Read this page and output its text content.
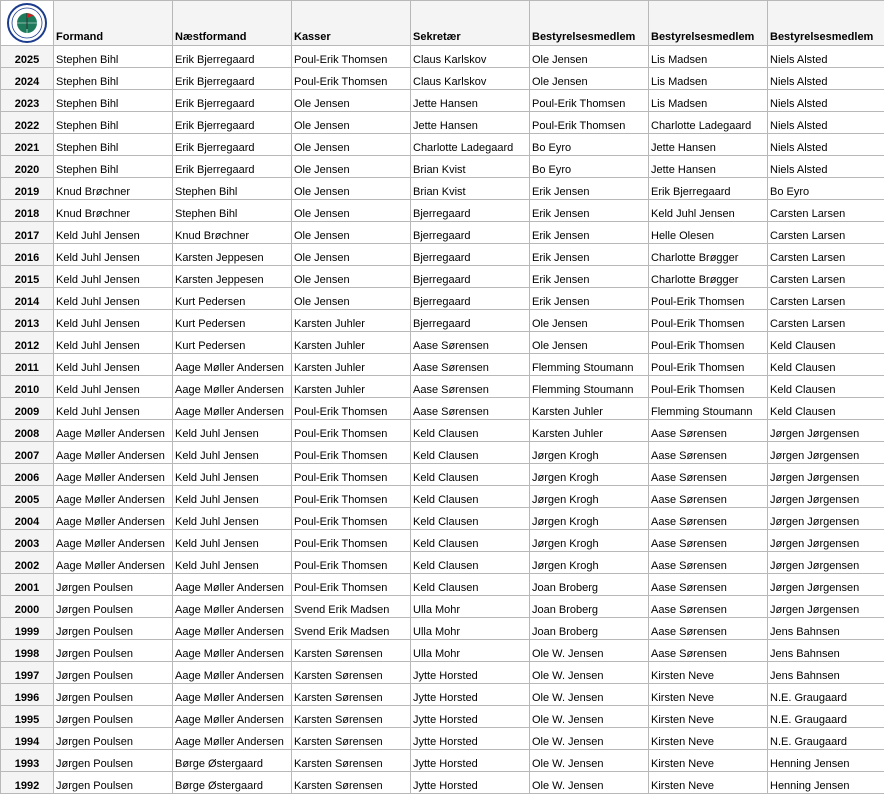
	Formand	Næstformand	Kasser	Sekretær	Bestyrelsesmedlem	Bestyrelsesmedlem	Bestyrelsesmedlem
2025	Stephen Bihl	Erik Bjerregaard	Poul-Erik Thomsen	Claus Karlskov	Ole Jensen	Lis Madsen	Niels Alsted
2024	Stephen Bihl	Erik Bjerregaard	Poul-Erik Thomsen	Claus Karlskov	Ole Jensen	Lis Madsen	Niels Alsted
2023	Stephen Bihl	Erik Bjerregaard	Ole Jensen	Jette Hansen	Poul-Erik Thomsen	Lis Madsen	Niels Alsted
2022	Stephen Bihl	Erik Bjerregaard	Ole Jensen	Jette Hansen	Poul-Erik Thomsen	Charlotte Ladegaard	Niels Alsted
2021	Stephen Bihl	Erik Bjerregaard	Ole Jensen	Charlotte Ladegaard	Bo Eyro	Jette Hansen	Niels Alsted
2020	Stephen Bihl	Erik Bjerregaard	Ole Jensen	Brian Kvist	Bo Eyro	Jette Hansen	Niels Alsted
2019	Knud Brøchner	Stephen Bihl	Ole Jensen	Brian Kvist	Erik Jensen	Erik Bjerregaard	Bo Eyro
2018	Knud Brøchner	Stephen Bihl	Ole Jensen	Bjerregaard	Erik Jensen	Keld Juhl Jensen	Carsten Larsen
2017	Keld Juhl Jensen	Knud Brøchner	Ole Jensen	Bjerregaard	Erik Jensen	Helle Olesen	Carsten Larsen
2016	Keld Juhl Jensen	Karsten Jeppesen	Ole Jensen	Bjerregaard	Erik Jensen	Charlotte Brøgger	Carsten Larsen
2015	Keld Juhl Jensen	Karsten Jeppesen	Ole Jensen	Bjerregaard	Erik Jensen	Charlotte Brøgger	Carsten Larsen
2014	Keld Juhl Jensen	Kurt Pedersen	Ole Jensen	Bjerregaard	Erik Jensen	Poul-Erik Thomsen	Carsten Larsen
2013	Keld Juhl Jensen	Kurt Pedersen	Karsten Juhler	Bjerregaard	Ole Jensen	Poul-Erik Thomsen	Carsten Larsen
2012	Keld Juhl Jensen	Kurt Pedersen	Karsten Juhler	Aase Sørensen	Ole Jensen	Poul-Erik Thomsen	Keld Clausen
2011	Keld Juhl Jensen	Aage Møller Andersen	Karsten Juhler	Aase Sørensen	Flemming Stoumann	Poul-Erik Thomsen	Keld Clausen
2010	Keld Juhl Jensen	Aage Møller Andersen	Karsten Juhler	Aase Sørensen	Flemming Stoumann	Poul-Erik Thomsen	Keld Clausen
2009	Keld Juhl Jensen	Aage Møller Andersen	Poul-Erik Thomsen	Aase Sørensen	Karsten Juhler	Flemming Stoumann	Keld Clausen
2008	Aage Møller Andersen	Keld Juhl Jensen	Poul-Erik Thomsen	Keld Clausen	Karsten Juhler	Aase Sørensen	Jørgen Jørgensen
2007	Aage Møller Andersen	Keld Juhl Jensen	Poul-Erik Thomsen	Keld Clausen	Jørgen Krogh	Aase Sørensen	Jørgen Jørgensen
2006	Aage Møller Andersen	Keld Juhl Jensen	Poul-Erik Thomsen	Keld Clausen	Jørgen Krogh	Aase Sørensen	Jørgen Jørgensen
2005	Aage Møller Andersen	Keld Juhl Jensen	Poul-Erik Thomsen	Keld Clausen	Jørgen Krogh	Aase Sørensen	Jørgen Jørgensen
2004	Aage Møller Andersen	Keld Juhl Jensen	Poul-Erik Thomsen	Keld Clausen	Jørgen Krogh	Aase Sørensen	Jørgen Jørgensen
2003	Aage Møller Andersen	Keld Juhl Jensen	Poul-Erik Thomsen	Keld Clausen	Jørgen Krogh	Aase Sørensen	Jørgen Jørgensen
2002	Aage Møller Andersen	Keld Juhl Jensen	Poul-Erik Thomsen	Keld Clausen	Jørgen Krogh	Aase Sørensen	Jørgen Jørgensen
2001	Jørgen Poulsen	Aage Møller Andersen	Poul-Erik Thomsen	Keld Clausen	Joan Broberg	Aase Sørensen	Jørgen Jørgensen
2000	Jørgen Poulsen	Aage Møller Andersen	Svend Erik Madsen	Ulla Mohr	Joan Broberg	Aase Sørensen	Jørgen Jørgensen
1999	Jørgen Poulsen	Aage Møller Andersen	Svend Erik Madsen	Ulla Mohr	Joan Broberg	Aase Sørensen	Jens Bahnsen
1998	Jørgen Poulsen	Aage Møller Andersen	Karsten Sørensen	Ulla Mohr	Ole W. Jensen	Aase Sørensen	Jens Bahnsen
1997	Jørgen Poulsen	Aage Møller Andersen	Karsten Sørensen	Jytte Horsted	Ole W. Jensen	Kirsten Neve	Jens Bahnsen
1996	Jørgen Poulsen	Aage Møller Andersen	Karsten Sørensen	Jytte Horsted	Ole W. Jensen	Kirsten Neve	N.E. Graugaard
1995	Jørgen Poulsen	Aage Møller Andersen	Karsten Sørensen	Jytte Horsted	Ole W. Jensen	Kirsten Neve	N.E. Graugaard
1994	Jørgen Poulsen	Aage Møller Andersen	Karsten Sørensen	Jytte Horsted	Ole W. Jensen	Kirsten Neve	N.E. Graugaard
1993	Jørgen Poulsen	Børge Østergaard	Karsten Sørensen	Jytte Horsted	Ole W. Jensen	Kirsten Neve	Henning Jensen
1992	Jørgen Poulsen	Børge Østergaard	Karsten Sørensen	Jytte Horsted	Ole W. Jensen	Kirsten Neve	Henning Jensen
